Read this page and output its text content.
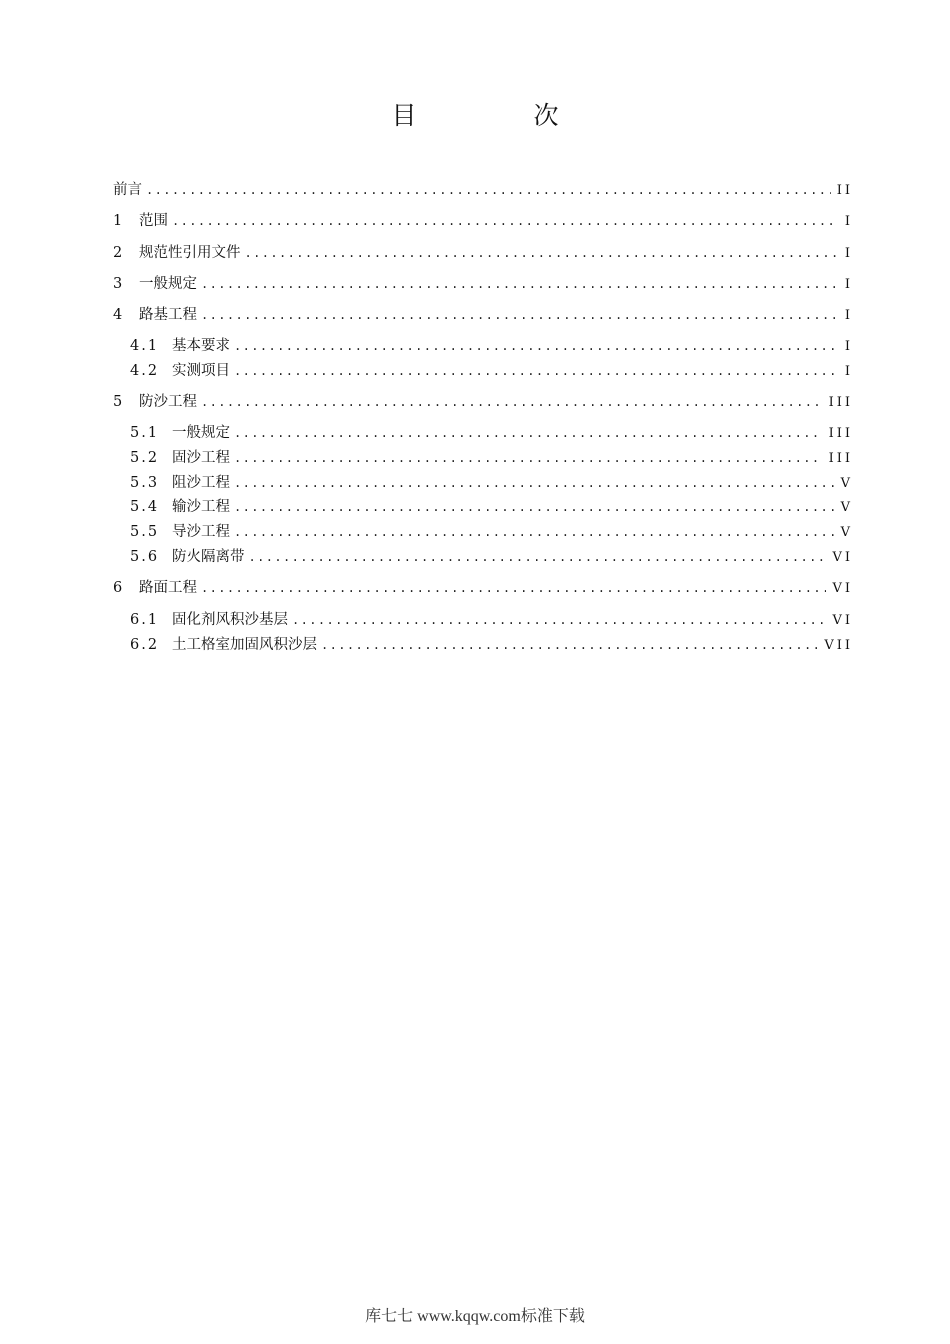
目　次
前言 .....	II
1	范围 .....	I
2	规范性引用文件 .....	I
3	一般规定 .....	I
4	路基工程 .....	I
4.1 基本要求 .....	I
4.2 实测项目 .....	I
5	防沙工程 .....	III
5.1 一般规定 .....	III
5.2 固沙工程 .....	III
5.3 阻沙工程 .....	V
5.4 输沙工程 .....	V
5.5 导沙工程 .....	V
5.6 防火隔离带 .....	VI
6	路面工程 .....	VI
6.1 固化剂风积沙基层 .....	VI
6.2 土工格室加固风积沙层 .....	VII
库七七 www.kqqw.com标准下载
